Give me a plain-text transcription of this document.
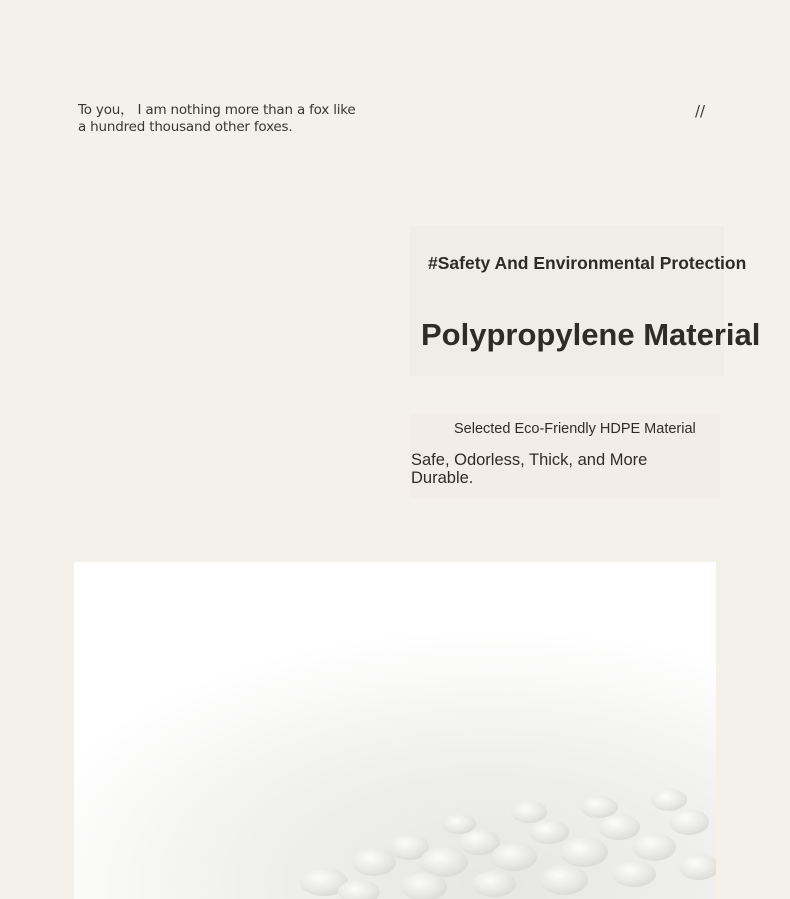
To you， I am nothing more than a fox like
a hundred thousand other foxes.
//
#Safety And Environmental Protection
Polypropylene Material
Selected Eco-Friendly HDPE Material
Safe, Odorless, Thick, and More Durable.
